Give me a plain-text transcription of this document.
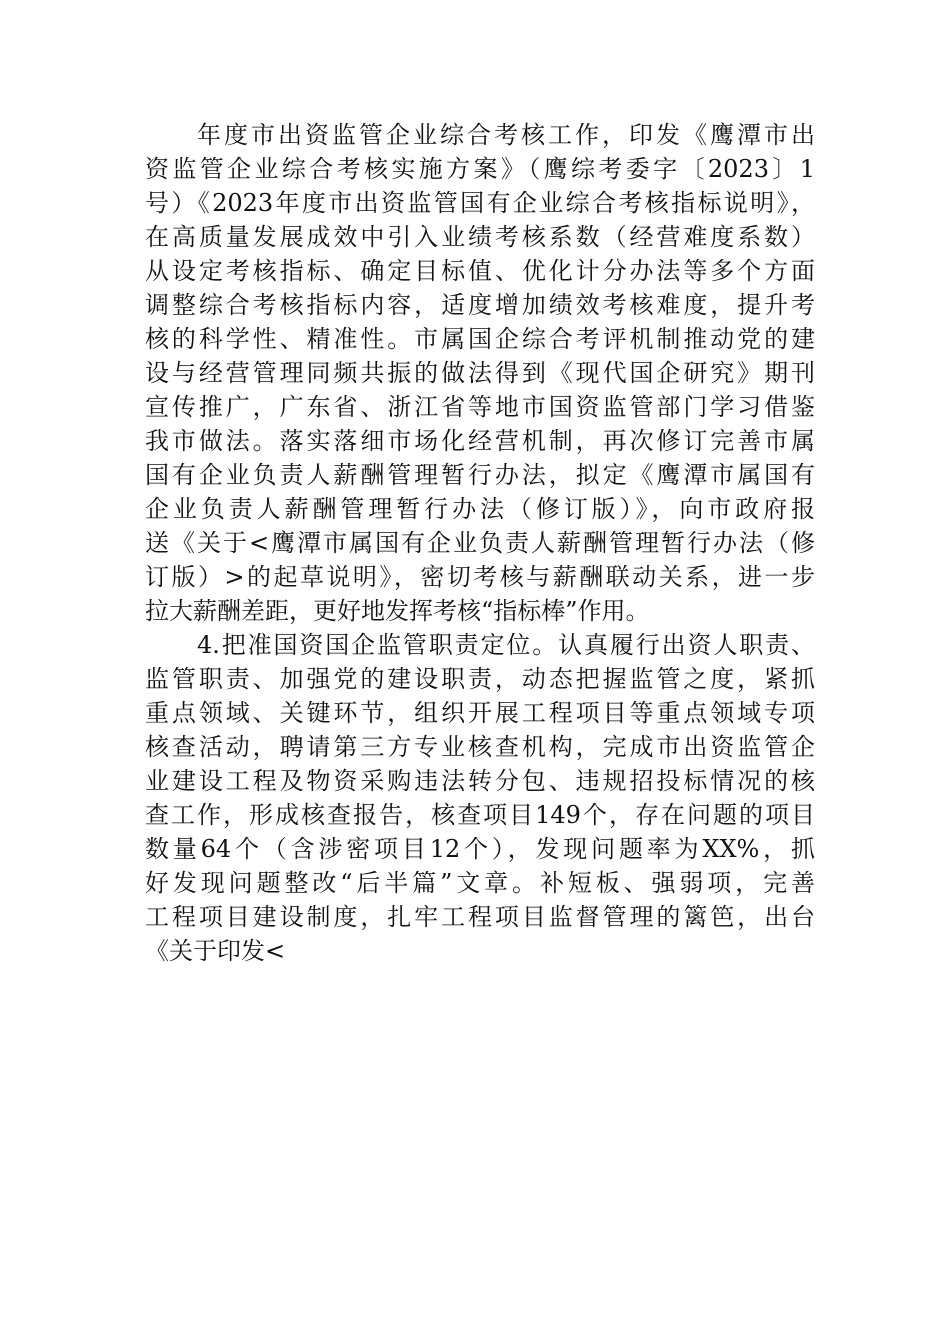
年度市出资监管企业综合考核工作，印发《鹰潭市出
资监管企业综合考核实施方案》（鹰综考委字〔2023〕1
号）《2023年度市出资监管国有企业综合考核指标说明》，
在高质量发展成效中引入业绩考核系数（经营难度系数）
从设定考核指标、确定目标值、优化计分办法等多个方面
调整综合考核指标内容，适度增加绩效考核难度，提升考
核的科学性、精准性。市属国企综合考评机制推动党的建
设与经营管理同频共振的做法得到《现代国企研究》期刊
宣传推广，广东省、浙江省等地市国资监管部门学习借鉴
我市做法。落实落细市场化经营机制，再次修订完善市属
国有企业负责人薪酬管理暂行办法，拟定《鹰潭市属国有
企业负责人薪酬管理暂行办法（修订版）》，向市政府报
送《关于<鹰潭市属国有企业负责人薪酬管理暂行办法（修
订版）>的起草说明》，密切考核与薪酬联动关系，进一步
拉大薪酬差距，更好地发挥考核“指标棒”作用。
4.把准国资国企监管职责定位。认真履行出资人职责、
监管职责、加强党的建设职责，动态把握监管之度，紧抓
重点领域、关键环节，组织开展工程项目等重点领域专项
核查活动，聘请第三方专业核查机构，完成市出资监管企
业建设工程及物资采购违法转分包、违规招投标情况的核
查工作，形成核查报告，核查项目149个，存在问题的项目
数量64个（含涉密项目12个），发现问题率为XX%，抓
好发现问题整改“后半篇”文章。补短板、强弱项，完善
工程项目建设制度，扎牢工程项目监督管理的篱笆，出台
《关于印发<
